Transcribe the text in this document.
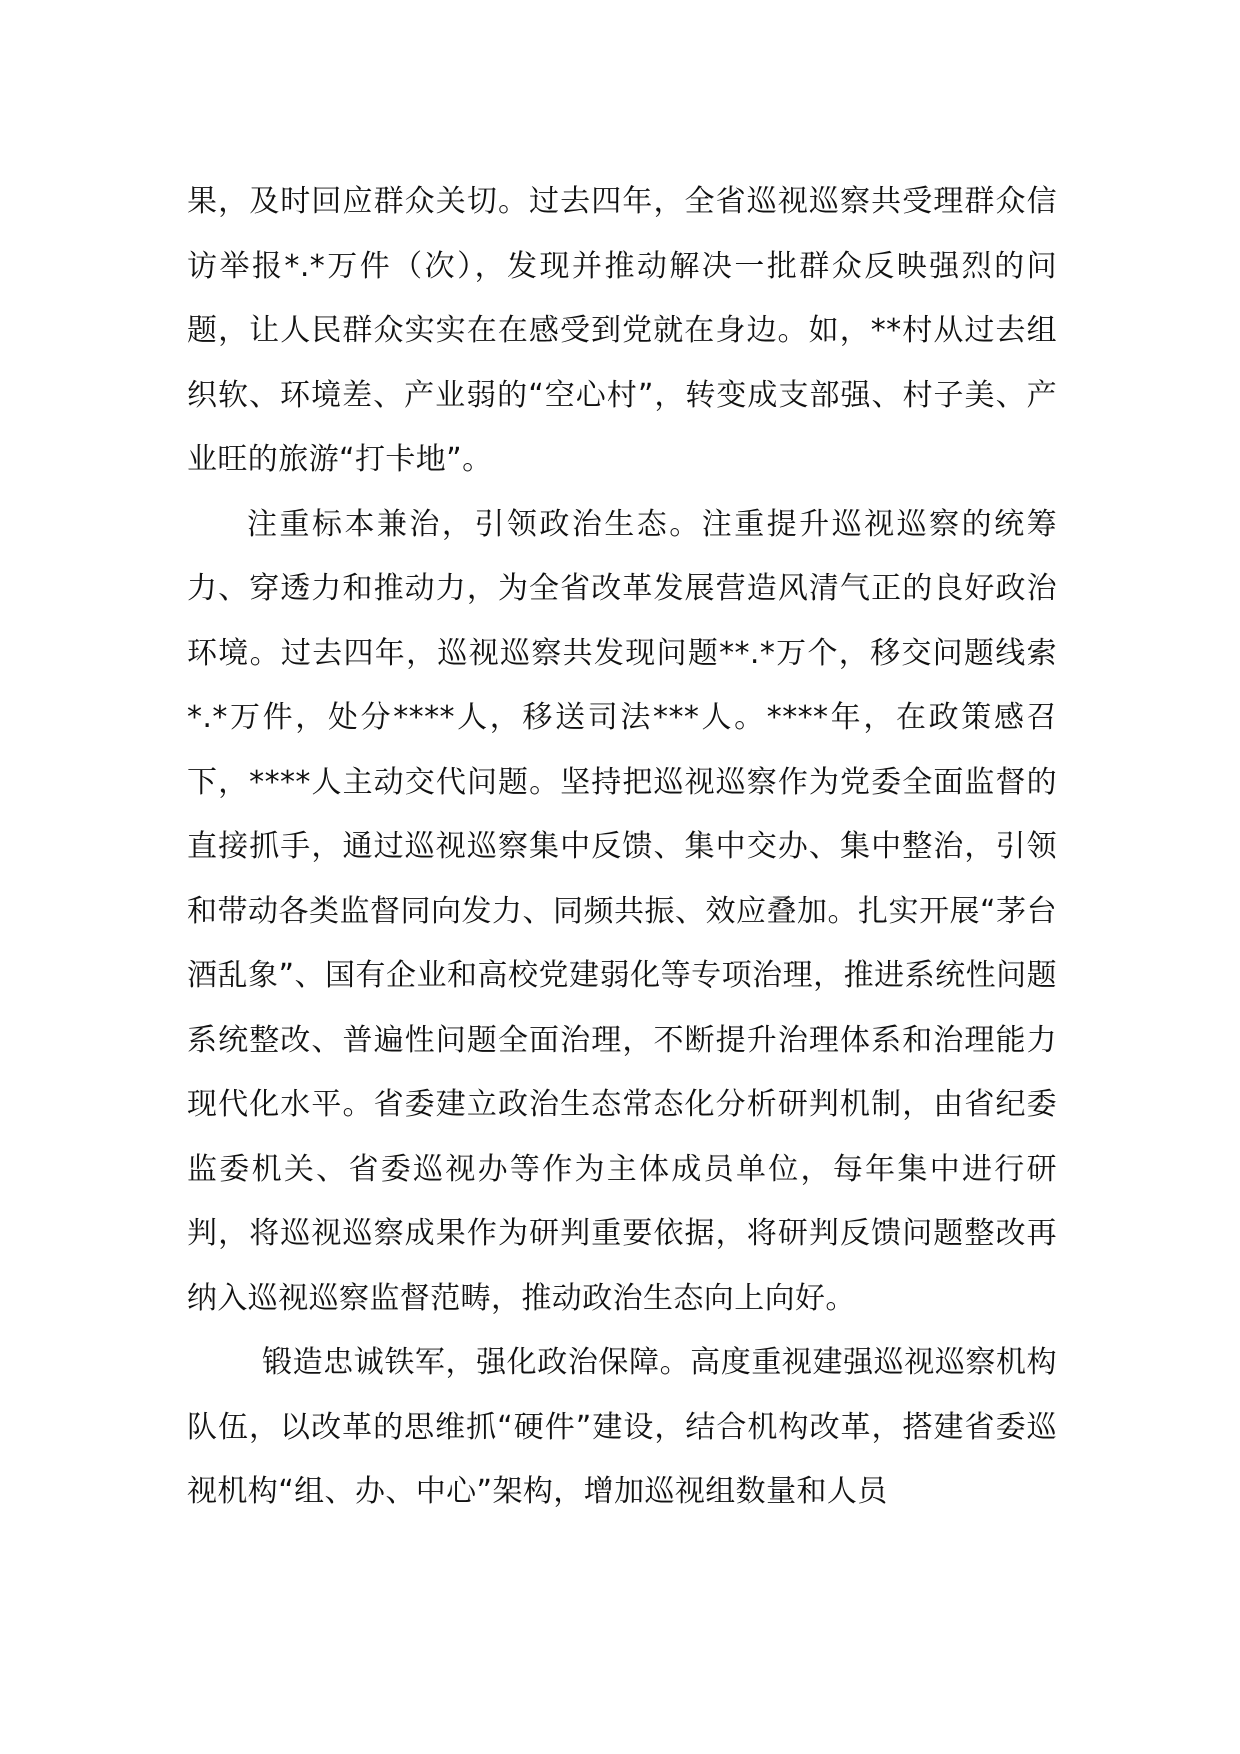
果，及时回应群众关切。过去四年，全省巡视巡察共受理群众信访举报*.*万件（次），发现并推动解决一批群众反映强烈的问题，让人民群众实实在在感受到党就在身边。如，**村从过去组织软、环境差、产业弱的“空心村”，转变成支部强、村子美、产业旺的旅游“打卡地”。

注重标本兼治，引领政治生态。注重提升巡视巡察的统筹力、穿透力和推动力，为全省改革发展营造风清气正的良好政治环境。过去四年，巡视巡察共发现问题**.*万个，移交问题线索*.*万件，处分****人，移送司法***人。****年，在政策感召下，****人主动交代问题。坚持把巡视巡察作为党委全面监督的直接抓手，通过巡视巡察集中反馈、集中交办、集中整治，引领和带动各类监督同向发力、同频共振、效应叠加。扎实开展“茅台酒乱象”、国有企业和高校党建弱化等专项治理，推进系统性问题系统整改、普遍性问题全面治理，不断提升治理体系和治理能力现代化水平。省委建立政治生态常态化分析研判机制，由省纪委监委机关、省委巡视办等作为主体成员单位，每年集中进行研判，将巡视巡察成果作为研判重要依据，将研判反馈问题整改再纳入巡视巡察监督范畴，推动政治生态向上向好。

锻造忠诚铁军，强化政治保障。高度重视建强巡视巡察机构队伍，以改革的思维抓“硬件”建设，结合机构改革，搭建省委巡视机构“组、办、中心”架构，增加巡视组数量和人员
